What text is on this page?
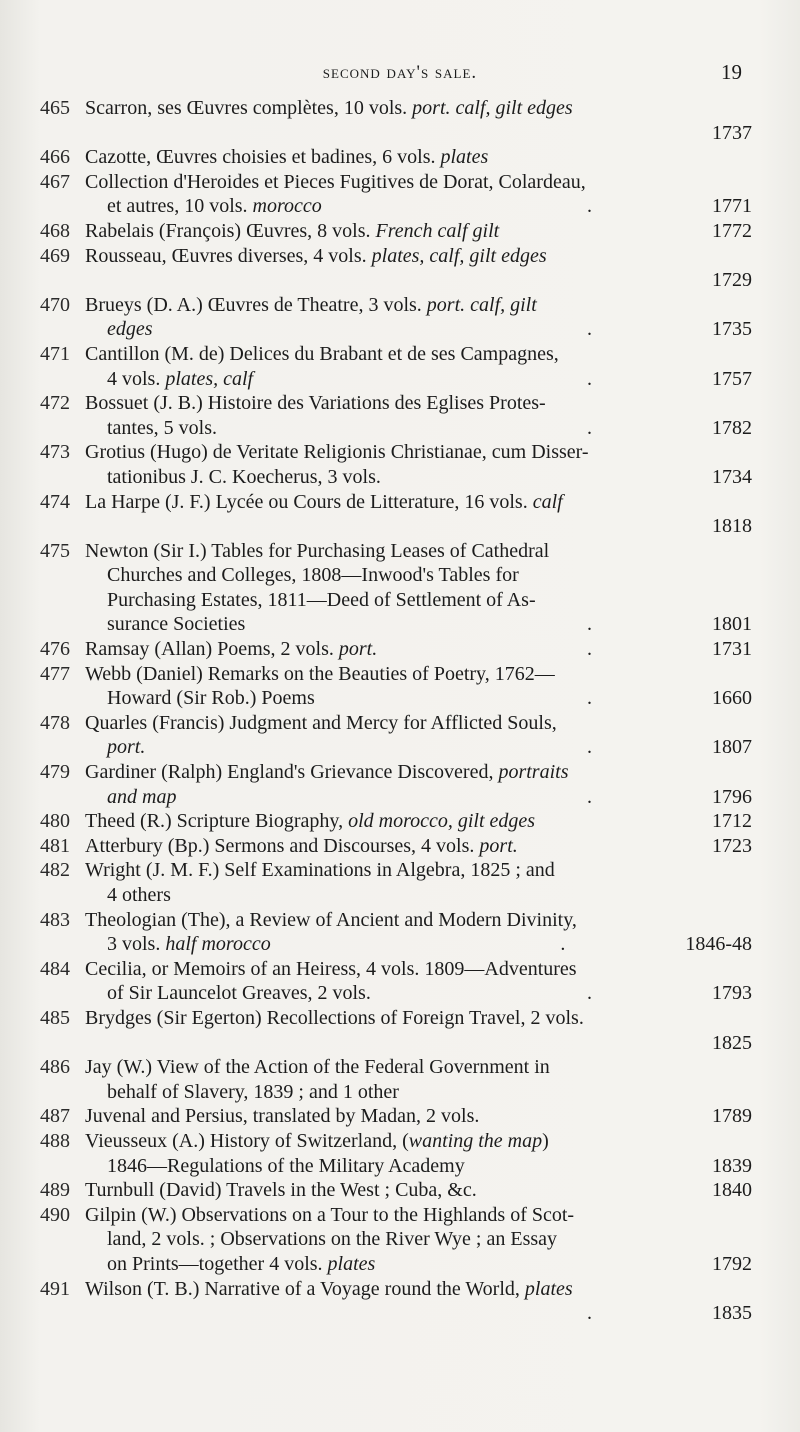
second day's sale.	19
465 Scarron, ses Œuvres complètes, 10 vols. port. calf, gilt edges
1737
466 Cazotte, Œuvres choisies et badines, 6 vols. plates
467 Collection d'Heroides et Pieces Fugitives de Dorat, Colardeau,
et autres, 10 vols. morocco	.	1771
468 Rabelais (François) Œuvres, 8 vols. French calf gilt	1772
469 Rousseau, Œuvres diverses, 4 vols. plates, calf, gilt edges
1729
470 Brueys (D. A.) Œuvres de Theatre, 3 vols. port. calf, gilt
edges	.	1735
471 Cantillon (M. de) Delices du Brabant et de ses Campagnes,
4 vols. plates, calf	.	1757
472 Bossuet (J. B.) Histoire des Variations des Eglises Protes-
tantes, 5 vols.	.	1782
473 Grotius (Hugo) de Veritate Religionis Christianae, cum Disser-
tationibus J. C. Koecherus, 3 vols.	1734
474 La Harpe (J. F.) Lycée ou Cours de Litterature, 16 vols. calf
1818
475 Newton (Sir I.) Tables for Purchasing Leases of Cathedral
Churches and Colleges, 1808—Inwood's Tables for
Purchasing Estates, 1811—Deed of Settlement of As-
surance Societies	.	1801
476 Ramsay (Allan) Poems, 2 vols. port.	.	1731
477 Webb (Daniel) Remarks on the Beauties of Poetry, 1762—
Howard (Sir Rob.) Poems	.	1660
478 Quarles (Francis) Judgment and Mercy for Afflicted Souls,
port.	.	1807
479 Gardiner (Ralph) England's Grievance Discovered, portraits
and map	.	1796
480 Theed (R.) Scripture Biography, old morocco, gilt edges	1712
481 Atterbury (Bp.) Sermons and Discourses, 4 vols. port.	1723
482 Wright (J. M. F.) Self Examinations in Algebra, 1825 ; and
4 others
483 Theologian (The), a Review of Ancient and Modern Divinity,
3 vols. half morocco	.	1846-48
484 Cecilia, or Memoirs of an Heiress, 4 vols. 1809—Adventures
of Sir Launcelot Greaves, 2 vols.	.	1793
485 Brydges (Sir Egerton) Recollections of Foreign Travel, 2 vols.
1825
486 Jay (W.) View of the Action of the Federal Government in
behalf of Slavery, 1839 ; and 1 other
487 Juvenal and Persius, translated by Madan, 2 vols.	1789
488 Vieusseux (A.) History of Switzerland, (wanting the map)
1846—Regulations of the Military Academy	1839
489 Turnbull (David) Travels in the West ; Cuba, &c.	1840
490 Gilpin (W.) Observations on a Tour to the Highlands of Scot-
land, 2 vols. ; Observations on the River Wye ; an Essay
on Prints—together 4 vols. plates	1792
491 Wilson (T. B.) Narrative of a Voyage round the World, plates
.	1835
